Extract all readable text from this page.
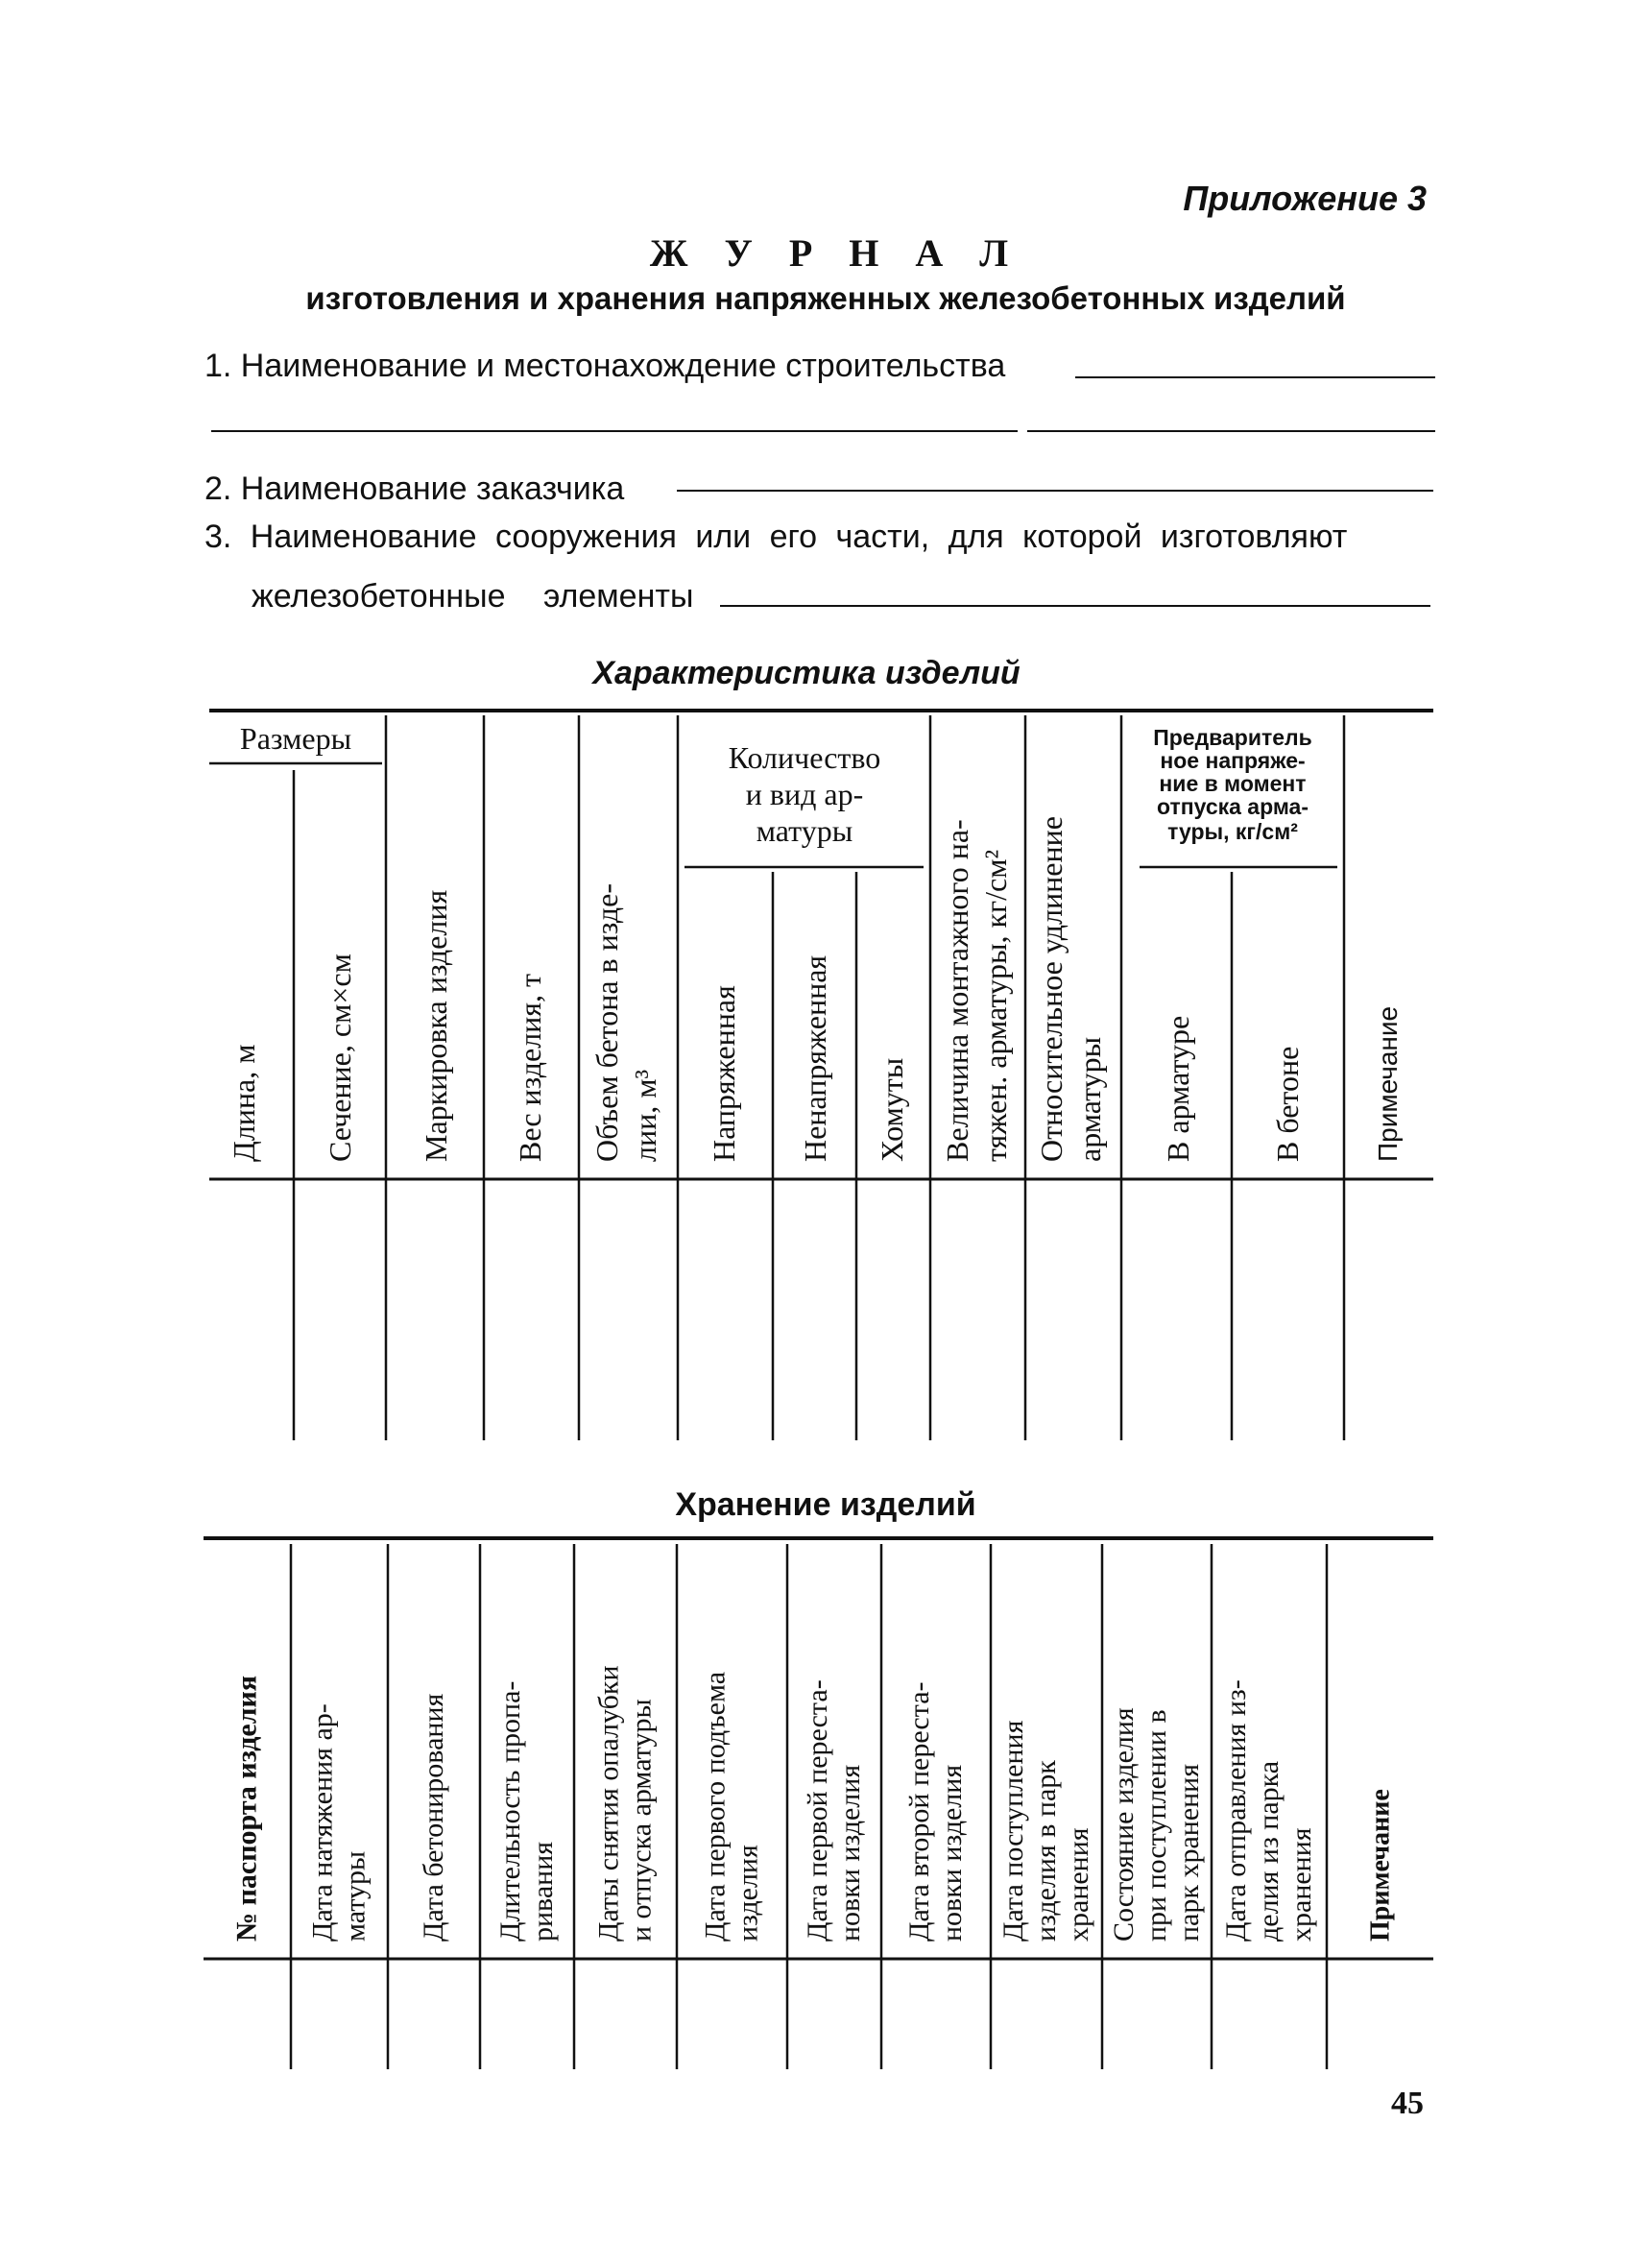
Приложение 3
Ж У Р Н А Л
изготовления и хранения напряженных железобетонных изделий
1. Наименование и местонахождение строительства
2. Наименование заказчика
3. Наименование сооружения или его части, для которой изготовляют
железобетонные элементы
Характеристика изделий
Размеры
Количество
и вид ар-
матуры
Предваритель
ное напряже-
ние в момент
отпуска арма-
туры, кг/см²
Длина, м Сечение, см×см Маркировка изделия Вес изделия, т Объем бетона в изде- лии, м³ Напряженная Ненапряженная Хомуты Величина монтажного на- тяжен. арматуры, кг/см² Относительное удлинение арматуры В арматуре В бетоне	Примечание
Хранение изделий
№ паспорта изделия Дата натяжения ар- матуры Дата бетонирования Длительность пропа- ривания Даты снятия опалубки и отпуска арматуры Дата первого подъема изделия Дата первой переста- новки изделия Дата второй переста- новки изделия Дата поступления изделия в парк хранения Состояние изделия при поступлении в парк хранения Дата отправления из- делия из парка хранения Примечание
45
